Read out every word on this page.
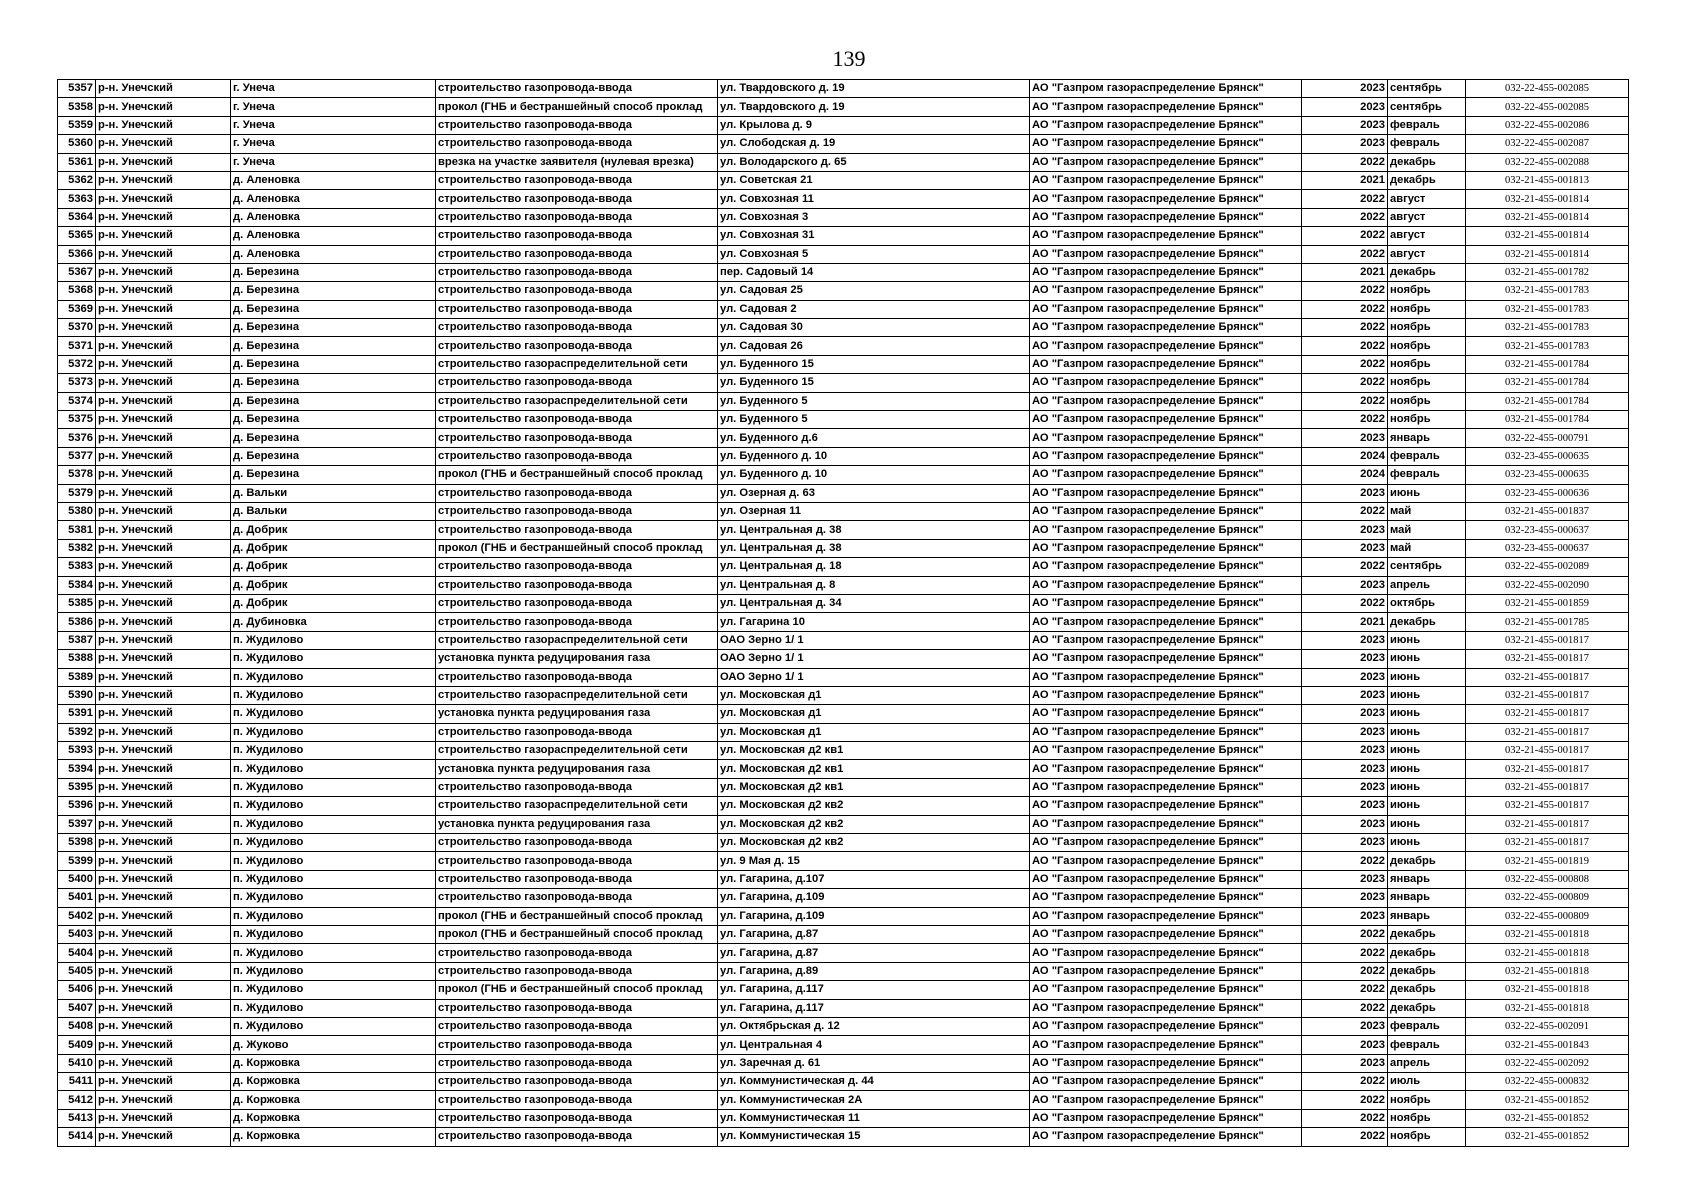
139
5357	р-н. Унечский	г. Унеча	строительство газопровода-ввода	ул. Твардовского д. 19	АО "Газпром газораспределение Брянск"	2023	сентябрь	032-22-455-002085
5358	р-н. Унечский	г. Унеча	прокол (ГНБ и бестраншейный способ проклад	ул. Твардовского д. 19	АО "Газпром газораспределение Брянск"	2023	сентябрь	032-22-455-002085
5359	р-н. Унечский	г. Унеча	строительство газопровода-ввода	ул. Крылова д. 9	АО "Газпром газораспределение Брянск"	2023	февраль	032-22-455-002086
5360	р-н. Унечский	г. Унеча	строительство газопровода-ввода	ул. Слободская д. 19	АО "Газпром газораспределение Брянск"	2023	февраль	032-22-455-002087
5361	р-н. Унечский	г. Унеча	врезка на участке заявителя (нулевая врезка)	ул. Володарского д. 65	АО "Газпром газораспределение Брянск"	2022	декабрь	032-22-455-002088
5362	р-н. Унечский	д. Аленовка	строительство газопровода-ввода	ул. Советская 21	АО "Газпром газораспределение Брянск"	2021	декабрь	032-21-455-001813
5363	р-н. Унечский	д. Аленовка	строительство газопровода-ввода	ул. Совхозная 11	АО "Газпром газораспределение Брянск"	2022	август	032-21-455-001814
5364	р-н. Унечский	д. Аленовка	строительство газопровода-ввода	ул. Совхозная 3	АО "Газпром газораспределение Брянск"	2022	август	032-21-455-001814
5365	р-н. Унечский	д. Аленовка	строительство газопровода-ввода	ул. Совхозная 31	АО "Газпром газораспределение Брянск"	2022	август	032-21-455-001814
5366	р-н. Унечский	д. Аленовка	строительство газопровода-ввода	ул. Совхозная 5	АО "Газпром газораспределение Брянск"	2022	август	032-21-455-001814
5367	р-н. Унечский	д. Березина	строительство газопровода-ввода	пер. Садовый 14	АО "Газпром газораспределение Брянск"	2021	декабрь	032-21-455-001782
5368	р-н. Унечский	д. Березина	строительство газопровода-ввода	ул. Садовая 25	АО "Газпром газораспределение Брянск"	2022	ноябрь	032-21-455-001783
5369	р-н. Унечский	д. Березина	строительство газопровода-ввода	ул. Садовая 2	АО "Газпром газораспределение Брянск"	2022	ноябрь	032-21-455-001783
5370	р-н. Унечский	д. Березина	строительство газопровода-ввода	ул. Садовая 30	АО "Газпром газораспределение Брянск"	2022	ноябрь	032-21-455-001783
5371	р-н. Унечский	д. Березина	строительство газопровода-ввода	ул. Садовая 26	АО "Газпром газораспределение Брянск"	2022	ноябрь	032-21-455-001783
5372	р-н. Унечский	д. Березина	строительство газораспределительной сети	ул. Буденного 15	АО "Газпром газораспределение Брянск"	2022	ноябрь	032-21-455-001784
5373	р-н. Унечский	д. Березина	строительство газопровода-ввода	ул. Буденного 15	АО "Газпром газораспределение Брянск"	2022	ноябрь	032-21-455-001784
5374	р-н. Унечский	д. Березина	строительство газораспределительной сети	ул. Буденного 5	АО "Газпром газораспределение Брянск"	2022	ноябрь	032-21-455-001784
5375	р-н. Унечский	д. Березина	строительство газопровода-ввода	ул. Буденного 5	АО "Газпром газораспределение Брянск"	2022	ноябрь	032-21-455-001784
5376	р-н. Унечский	д. Березина	строительство газопровода-ввода	ул. Буденного д.6	АО "Газпром газораспределение Брянск"	2023	январь	032-22-455-000791
5377	р-н. Унечский	д. Березина	строительство газопровода-ввода	ул. Буденного д. 10	АО "Газпром газораспределение Брянск"	2024	февраль	032-23-455-000635
5378	р-н. Унечский	д. Березина	прокол (ГНБ и бестраншейный способ проклад	ул. Буденного д. 10	АО "Газпром газораспределение Брянск"	2024	февраль	032-23-455-000635
5379	р-н. Унечский	д. Вальки	строительство газопровода-ввода	ул. Озерная д. 63	АО "Газпром газораспределение Брянск"	2023	июнь	032-23-455-000636
5380	р-н. Унечский	д. Вальки	строительство газопровода-ввода	ул. Озерная 11	АО "Газпром газораспределение Брянск"	2022	май	032-21-455-001837
5381	р-н. Унечский	д. Добрик	строительство газопровода-ввода	ул. Центральная д. 38	АО "Газпром газораспределение Брянск"	2023	май	032-23-455-000637
5382	р-н. Унечский	д. Добрик	прокол (ГНБ и бестраншейный способ проклад	ул. Центральная д. 38	АО "Газпром газораспределение Брянск"	2023	май	032-23-455-000637
5383	р-н. Унечский	д. Добрик	строительство газопровода-ввода	ул. Центральная д. 18	АО "Газпром газораспределение Брянск"	2022	сентябрь	032-22-455-002089
5384	р-н. Унечский	д. Добрик	строительство газопровода-ввода	ул. Центральная д. 8	АО "Газпром газораспределение Брянск"	2023	апрель	032-22-455-002090
5385	р-н. Унечский	д. Добрик	строительство газопровода-ввода	ул. Центральная д. 34	АО "Газпром газораспределение Брянск"	2022	октябрь	032-21-455-001859
5386	р-н. Унечский	д. Дубиновка	строительство газопровода-ввода	ул. Гагарина 10	АО "Газпром газораспределение Брянск"	2021	декабрь	032-21-455-001785
5387	р-н. Унечский	п. Жудилово	строительство газораспределительной сети	ОАО Зерно 1/ 1	АО "Газпром газораспределение Брянск"	2023	июнь	032-21-455-001817
5388	р-н. Унечский	п. Жудилово	установка пункта редуцирования газа	ОАО Зерно 1/ 1	АО "Газпром газораспределение Брянск"	2023	июнь	032-21-455-001817
5389	р-н. Унечский	п. Жудилово	строительство газопровода-ввода	ОАО Зерно 1/ 1	АО "Газпром газораспределение Брянск"	2023	июнь	032-21-455-001817
5390	р-н. Унечский	п. Жудилово	строительство газораспределительной сети	ул. Московская д1	АО "Газпром газораспределение Брянск"	2023	июнь	032-21-455-001817
5391	р-н. Унечский	п. Жудилово	установка пункта редуцирования газа	ул. Московская д1	АО "Газпром газораспределение Брянск"	2023	июнь	032-21-455-001817
5392	р-н. Унечский	п. Жудилово	строительство газопровода-ввода	ул. Московская д1	АО "Газпром газораспределение Брянск"	2023	июнь	032-21-455-001817
5393	р-н. Унечский	п. Жудилово	строительство газораспределительной сети	ул. Московская д2 кв1	АО "Газпром газораспределение Брянск"	2023	июнь	032-21-455-001817
5394	р-н. Унечский	п. Жудилово	установка пункта редуцирования газа	ул. Московская д2 кв1	АО "Газпром газораспределение Брянск"	2023	июнь	032-21-455-001817
5395	р-н. Унечский	п. Жудилово	строительство газопровода-ввода	ул. Московская д2 кв1	АО "Газпром газораспределение Брянск"	2023	июнь	032-21-455-001817
5396	р-н. Унечский	п. Жудилово	строительство газораспределительной сети	ул. Московская д2 кв2	АО "Газпром газораспределение Брянск"	2023	июнь	032-21-455-001817
5397	р-н. Унечский	п. Жудилово	установка пункта редуцирования газа	ул. Московская д2 кв2	АО "Газпром газораспределение Брянск"	2023	июнь	032-21-455-001817
5398	р-н. Унечский	п. Жудилово	строительство газопровода-ввода	ул. Московская д2 кв2	АО "Газпром газораспределение Брянск"	2023	июнь	032-21-455-001817
5399	р-н. Унечский	п. Жудилово	строительство газопровода-ввода	ул. 9 Мая д. 15	АО "Газпром газораспределение Брянск"	2022	декабрь	032-21-455-001819
5400	р-н. Унечский	п. Жудилово	строительство газопровода-ввода	ул. Гагарина, д.107	АО "Газпром газораспределение Брянск"	2023	январь	032-22-455-000808
5401	р-н. Унечский	п. Жудилово	строительство газопровода-ввода	ул. Гагарина, д.109	АО "Газпром газораспределение Брянск"	2023	январь	032-22-455-000809
5402	р-н. Унечский	п. Жудилово	прокол (ГНБ и бестраншейный способ проклад	ул. Гагарина, д.109	АО "Газпром газораспределение Брянск"	2023	январь	032-22-455-000809
5403	р-н. Унечский	п. Жудилово	прокол (ГНБ и бестраншейный способ проклад	ул. Гагарина, д.87	АО "Газпром газораспределение Брянск"	2022	декабрь	032-21-455-001818
5404	р-н. Унечский	п. Жудилово	строительство газопровода-ввода	ул. Гагарина, д.87	АО "Газпром газораспределение Брянск"	2022	декабрь	032-21-455-001818
5405	р-н. Унечский	п. Жудилово	строительство газопровода-ввода	ул. Гагарина, д.89	АО "Газпром газораспределение Брянск"	2022	декабрь	032-21-455-001818
5406	р-н. Унечский	п. Жудилово	прокол (ГНБ и бестраншейный способ проклад	ул. Гагарина, д.117	АО "Газпром газораспределение Брянск"	2022	декабрь	032-21-455-001818
5407	р-н. Унечский	п. Жудилово	строительство газопровода-ввода	ул. Гагарина, д.117	АО "Газпром газораспределение Брянск"	2022	декабрь	032-21-455-001818
5408	р-н. Унечский	п. Жудилово	строительство газопровода-ввода	ул. Октябрьская д. 12	АО "Газпром газораспределение Брянск"	2023	февраль	032-22-455-002091
5409	р-н. Унечский	д. Жуково	строительство газопровода-ввода	ул. Центральная 4	АО "Газпром газораспределение Брянск"	2023	февраль	032-21-455-001843
5410	р-н. Унечский	д. Коржовка	строительство газопровода-ввода	ул. Заречная д. 61	АО "Газпром газораспределение Брянск"	2023	апрель	032-22-455-002092
5411	р-н. Унечский	д. Коржовка	строительство газопровода-ввода	ул. Коммунистическая д. 44	АО "Газпром газораспределение Брянск"	2022	июль	032-22-455-000832
5412	р-н. Унечский	д. Коржовка	строительство газопровода-ввода	ул. Коммунистическая 2А	АО "Газпром газораспределение Брянск"	2022	ноябрь	032-21-455-001852
5413	р-н. Унечский	д. Коржовка	строительство газопровода-ввода	ул. Коммунистическая 11	АО "Газпром газораспределение Брянск"	2022	ноябрь	032-21-455-001852
5414	р-н. Унечский	д. Коржовка	строительство газопровода-ввода	ул. Коммунистическая 15	АО "Газпром газораспределение Брянск"	2022	ноябрь	032-21-455-001852
